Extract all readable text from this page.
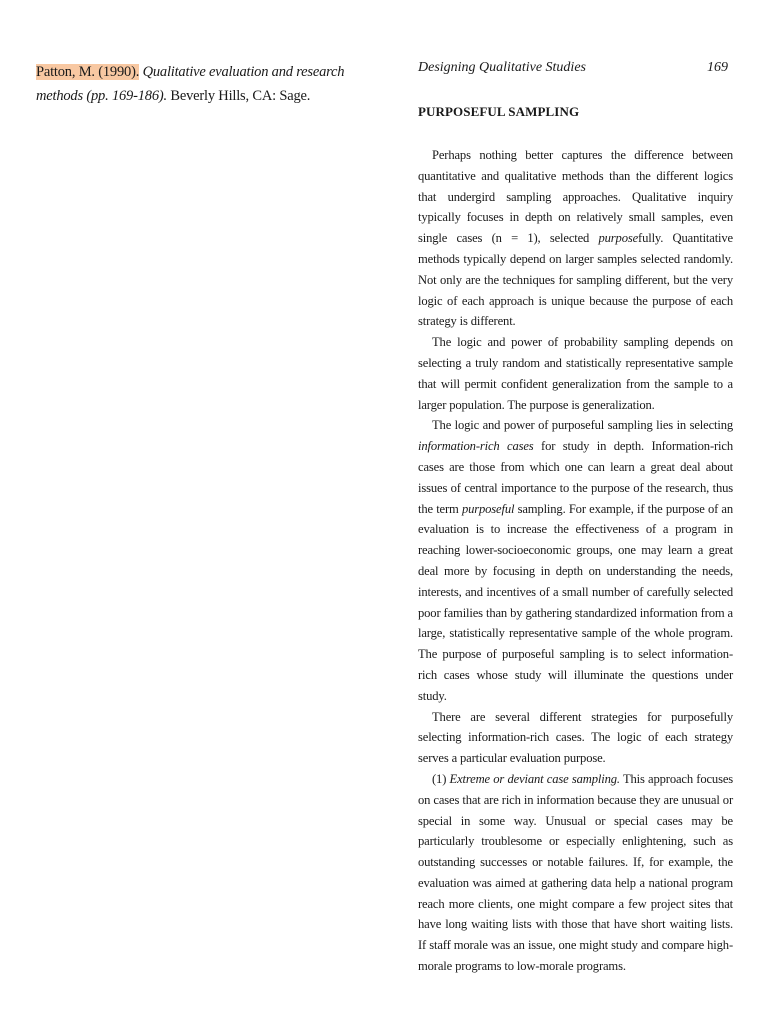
Patton, M. (1990). Qualitative evaluation and research methods (pp. 169-186). Beverly Hills, CA: Sage.
Designing Qualitative Studies	169
PURPOSEFUL SAMPLING

Perhaps nothing better captures the difference between quantitative and qualitative methods than the different logics that undergird sampling approaches. Qualitative inquiry typically focuses in depth on relatively small samples, even single cases (n = 1), selected purposefully. Quantitative methods typically depend on larger samples selected randomly. Not only are the techniques for sampling different, but the very logic of each approach is unique because the purpose of each strategy is different.

The logic and power of probability sampling depends on selecting a truly random and statistically representative sample that will permit confident generalization from the sample to a larger population. The purpose is generalization.

The logic and power of purposeful sampling lies in selecting information-rich cases for study in depth. Information-rich cases are those from which one can learn a great deal about issues of central importance to the purpose of the research, thus the term purposeful sampling. For example, if the purpose of an evaluation is to increase the effectiveness of a program in reaching lower-socioeconomic groups, one may learn a great deal more by focusing in depth on understanding the needs, interests, and incentives of a small number of carefully selected poor families than by gathering standardized information from a large, statistically representative sample of the whole program. The purpose of purposeful sampling is to select information-rich cases whose study will illuminate the questions under study.

There are several different strategies for purposefully selecting information-rich cases. The logic of each strategy serves a particular evaluation purpose.

(1) Extreme or deviant case sampling. This approach focuses on cases that are rich in information because they are unusual or special in some way. Unusual or special cases may be particularly troublesome or especially enlightening, such as outstanding successes or notable failures. If, for example, the evaluation was aimed at gathering data help a national program reach more clients, one might compare a few project sites that have long waiting lists with those that have short waiting lists. If staff morale was an issue, one might study and compare high-morale programs to low-morale programs.
